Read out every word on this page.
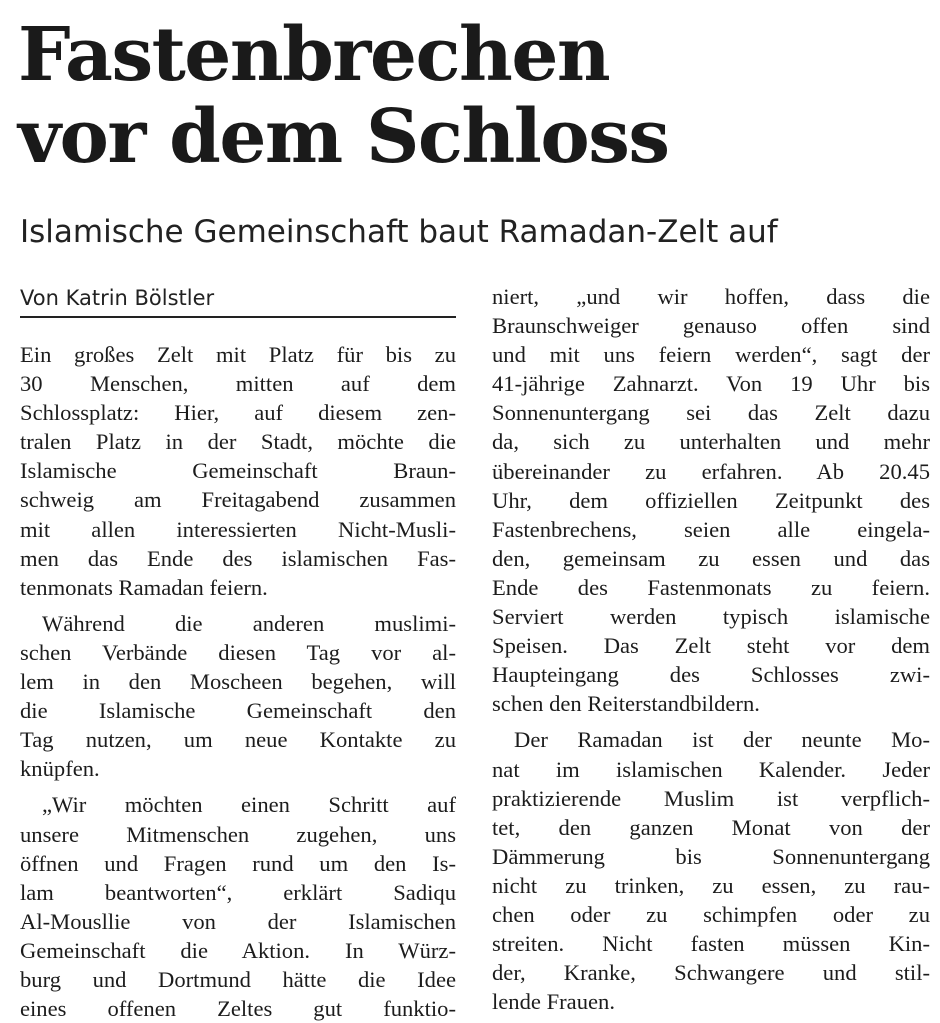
Fastenbrechen
vor dem Schloss
Islamische Gemeinschaft baut Ramadan-Zelt auf
Von Katrin Bölstler

Ein großes Zelt mit Platz für bis zu
30 Menschen, mitten auf dem
Schlossplatz: Hier, auf diesem zen-
tralen Platz in der Stadt, möchte die
Islamische Gemeinschaft Braun-
schweig am Freitagabend zusammen
mit allen interessierten Nicht-Musli-
men das Ende des islamischen Fas-
tenmonats Ramadan feiern.

Während die anderen muslimi-
schen Verbände diesen Tag vor al-
lem in den Moscheen begehen, will
die Islamische Gemeinschaft den
Tag nutzen, um neue Kontakte zu
knüpfen.

„Wir möchten einen Schritt auf
unsere Mitmenschen zugehen, uns
öffnen und Fragen rund um den Is-
lam beantworten“, erklärt Sadiqu
Al-Mousllie von der Islamischen
Gemeinschaft die Aktion. In Würz-
burg und Dortmund hätte die Idee
eines offenen Zeltes gut funktio-

niert, „und wir hoffen, dass die
Braunschweiger genauso offen sind
und mit uns feiern werden“, sagt der
41-jährige Zahnarzt. Von 19 Uhr bis
Sonnenuntergang sei das Zelt dazu
da, sich zu unterhalten und mehr
übereinander zu erfahren. Ab 20.45
Uhr, dem offiziellen Zeitpunkt des
Fastenbrechens, seien alle eingela-
den, gemeinsam zu essen und das
Ende des Fastenmonats zu feiern.
Serviert werden typisch islamische
Speisen. Das Zelt steht vor dem
Haupteingang des Schlosses zwi-
schen den Reiterstandbildern.

Der Ramadan ist der neunte Mo-
nat im islamischen Kalender. Jeder
praktizierende Muslim ist verpflich-
tet, den ganzen Monat von der
Dämmerung bis Sonnenuntergang
nicht zu trinken, zu essen, zu rau-
chen oder zu schimpfen oder zu
streiten. Nicht fasten müssen Kin-
der, Kranke, Schwangere und stil-
lende Frauen.
